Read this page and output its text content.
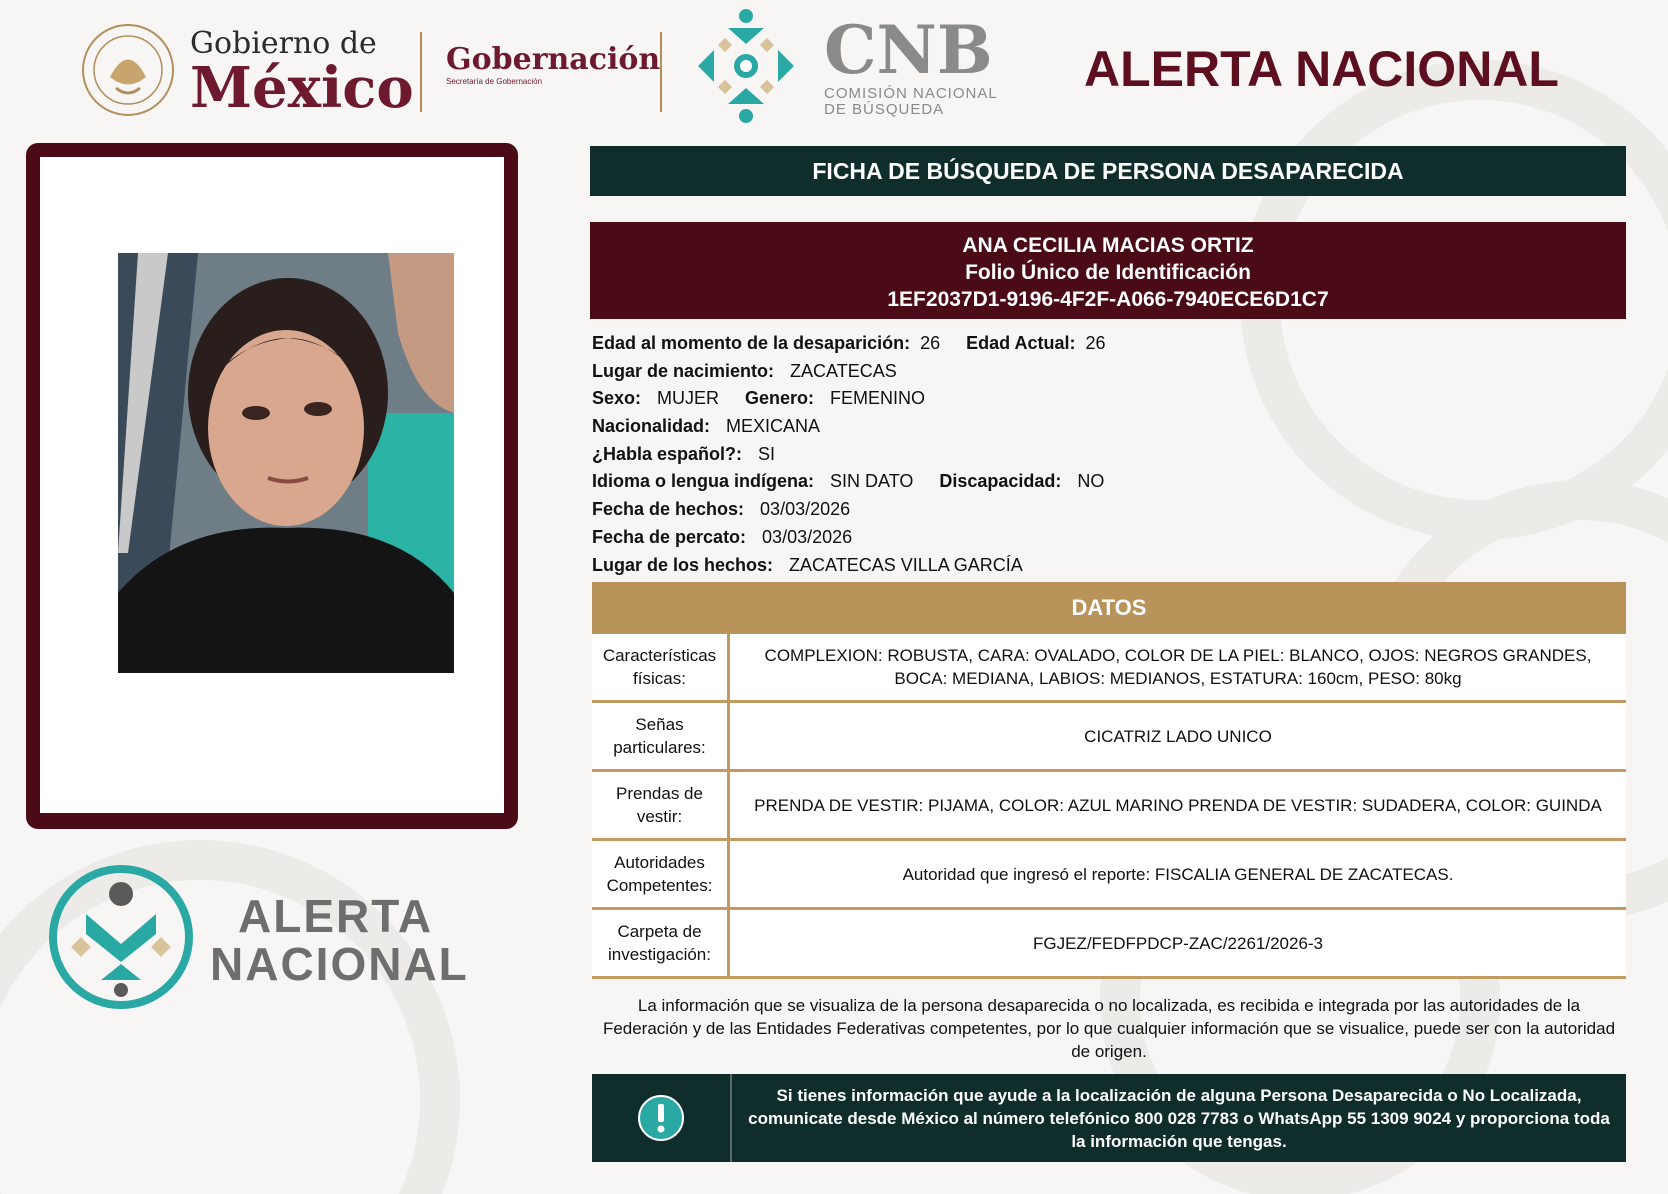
Gobierno de
México Gobernación
Secretaría de Gobernación	CNB
COMISIÓN NACIONAL
DE BÚSQUEDA
ALERTA NACIONAL
ALERTA
NACIONAL
FICHA DE BÚSQUEDA DE PERSONA DESAPARECIDA
ANA CECILIA MACIAS ORTIZ
Folio Único de Identificación
1EF2037D1-9196-4F2F-A066-7940ECE6D1C7
Edad al momento de la desaparición: 26 Edad Actual: 26
Lugar de nacimiento: ZACATECAS
Sexo: MUJER Genero: FEMENINO
Nacionalidad: MEXICANA
¿Habla español?: SI
Idioma o lengua indígena: SIN DATO Discapacidad: NO
Fecha de hechos: 03/03/2026
Fecha de percato: 03/03/2026
Lugar de los hechos: ZACATECAS VILLA GARCÍA
DATOS
Características físicas:
COMPLEXION: ROBUSTA, CARA: OVALADO, COLOR DE LA PIEL: BLANCO, OJOS: NEGROS GRANDES, BOCA: MEDIANA, LABIOS: MEDIANOS, ESTATURA: 160cm, PESO: 80kg
Señas particulares:
CICATRIZ LADO UNICO
Prendas de vestir:
PRENDA DE VESTIR: PIJAMA, COLOR: AZUL MARINO PRENDA DE VESTIR: SUDADERA, COLOR: GUINDA
Autoridades Competentes:
Autoridad que ingresó el reporte: FISCALIA GENERAL DE ZACATECAS.
Carpeta de investigación:
FGJEZ/FEDFPDCP-ZAC/2261/2026-3
La información que se visualiza de la persona desaparecida o no localizada, es recibida e integrada por las autoridades de la Federación y de las Entidades Federativas competentes, por lo que cualquier información que se visualice, puede ser con la autoridad de origen.
Si tienes información que ayude a la localización de alguna Persona Desaparecida o No Localizada, comunicate desde México al número telefónico 800 028 7783 o WhatsApp 55 1309 9024 y proporciona toda la información que tengas.
